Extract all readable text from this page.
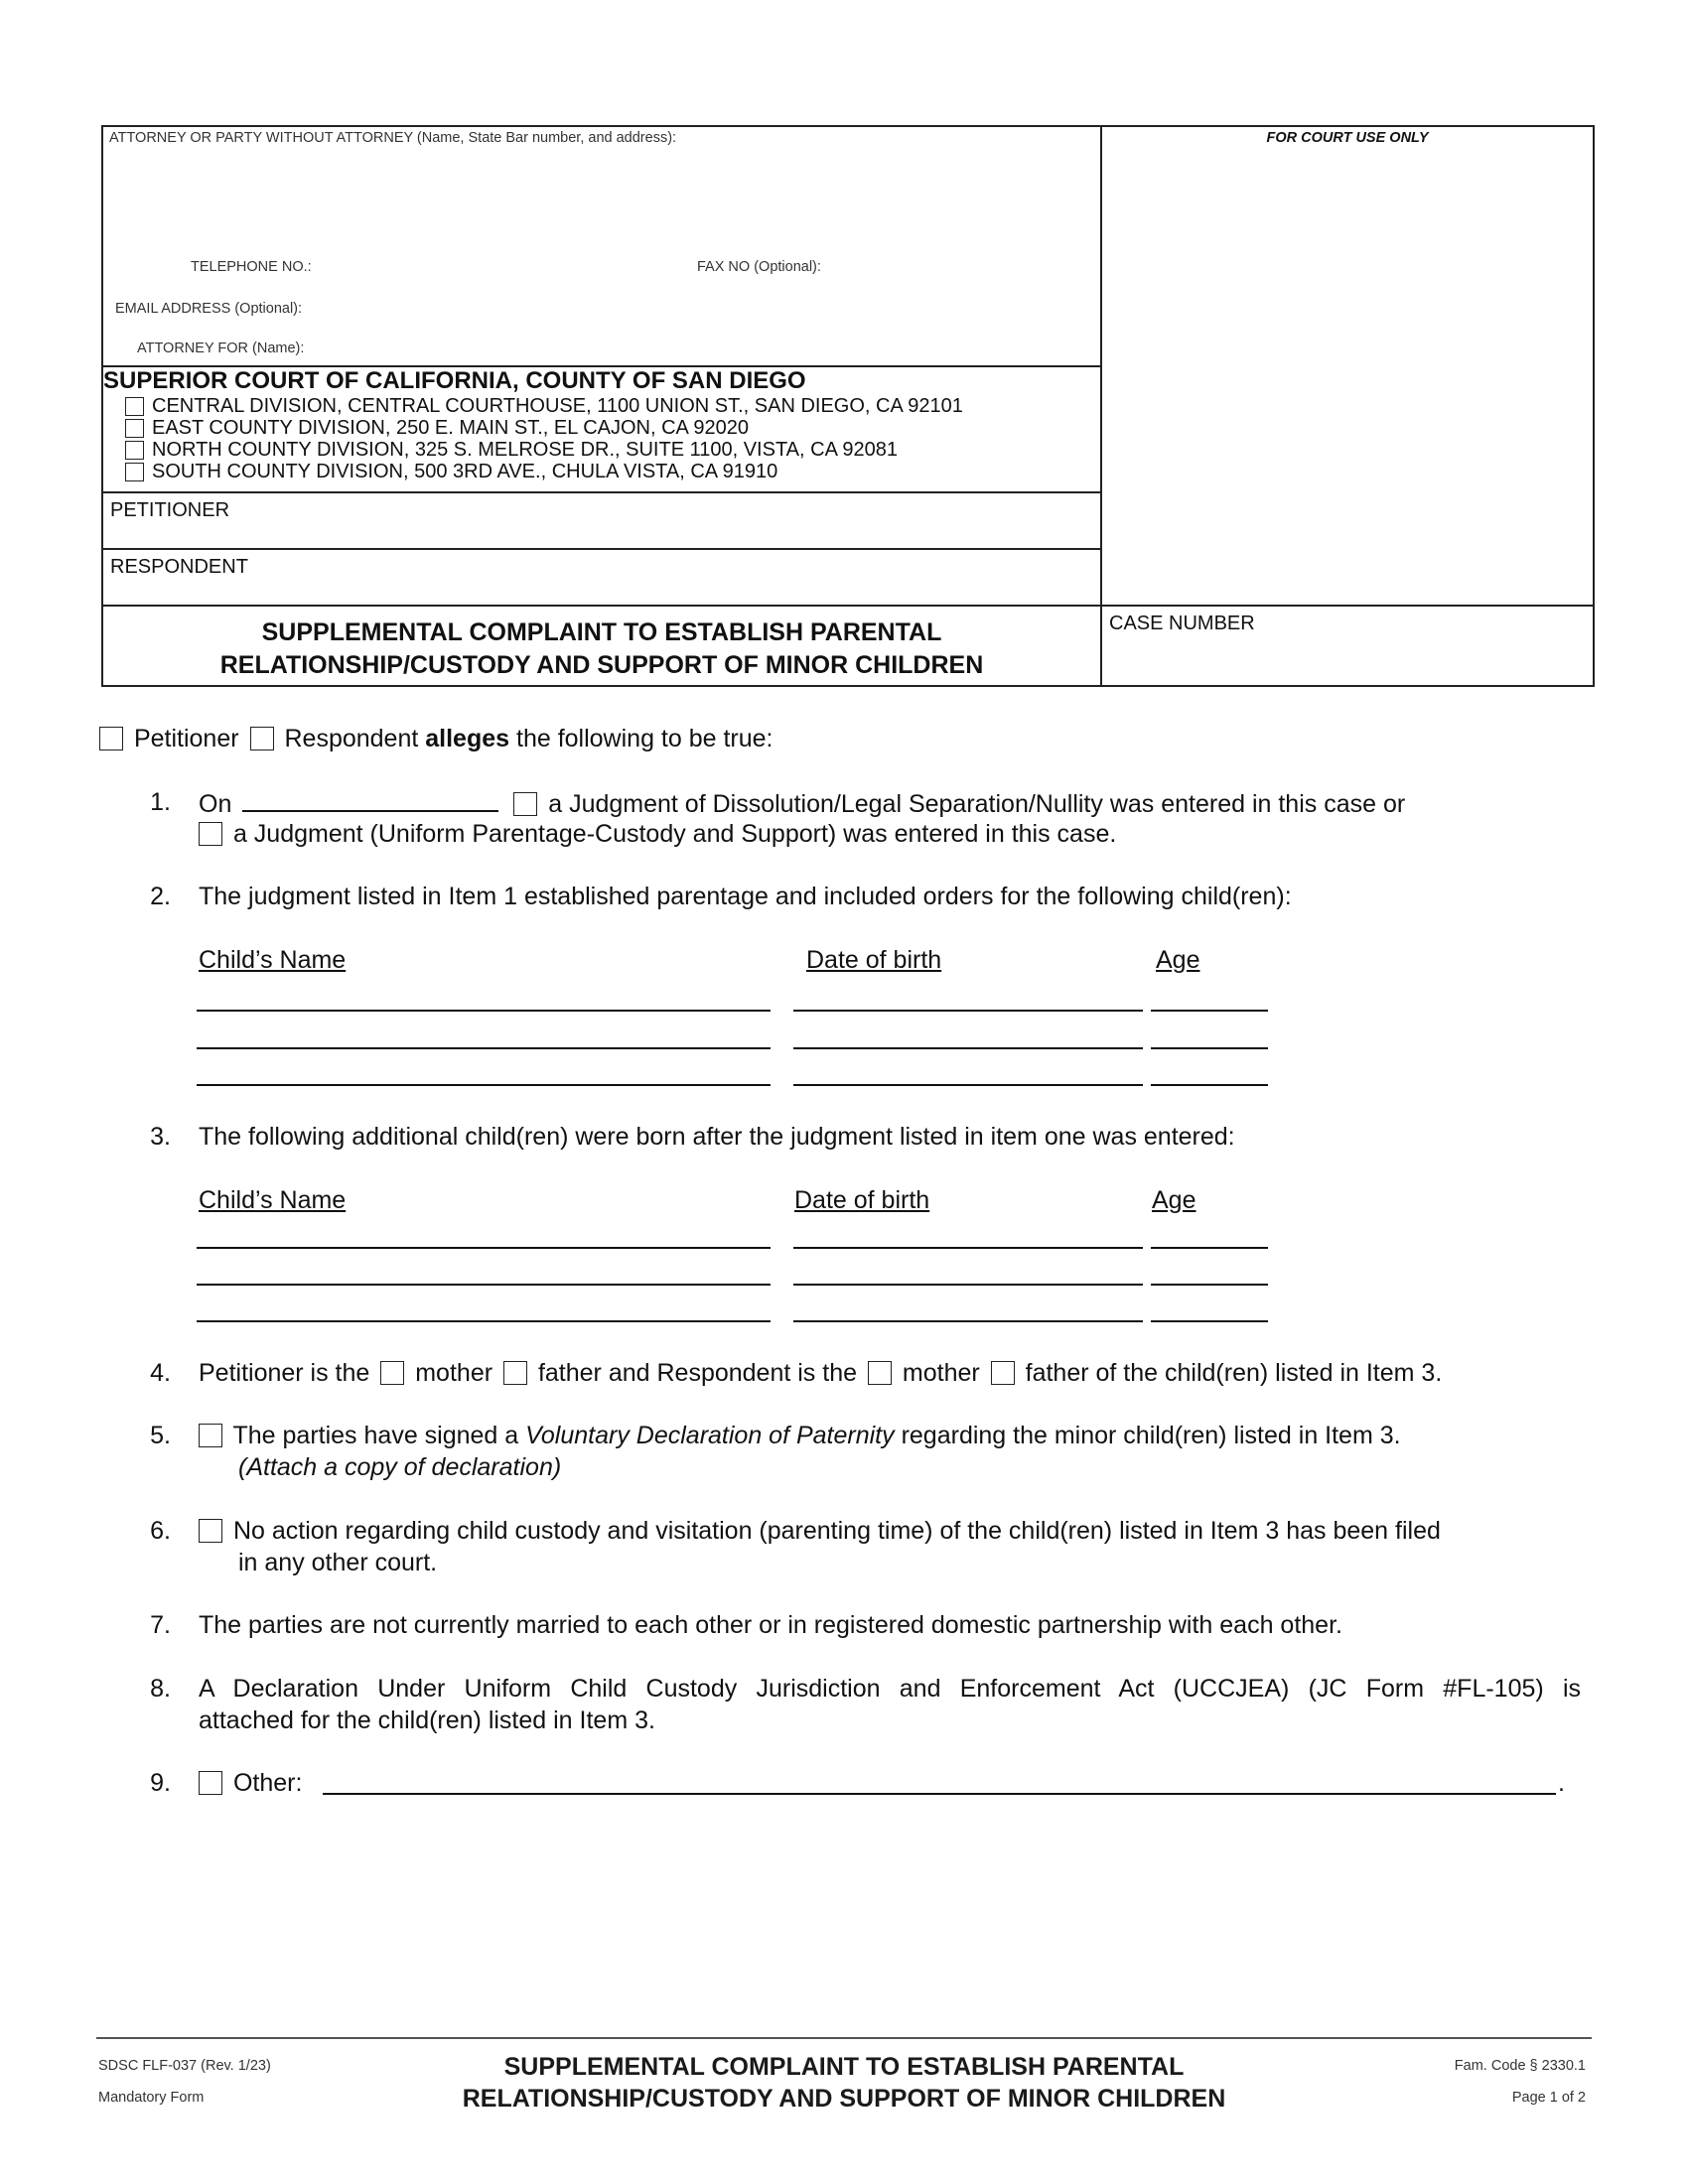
ATTORNEY OR PARTY WITHOUT ATTORNEY (Name, State Bar number, and address):
TELEPHONE NO.:	FAX NO (Optional):
EMAIL ADDRESS (Optional):
ATTORNEY FOR (Name):
FOR COURT USE ONLY
SUPERIOR COURT OF CALIFORNIA, COUNTY OF SAN DIEGO
CENTRAL DIVISION, CENTRAL COURTHOUSE, 1100 UNION ST., SAN DIEGO, CA 92101
EAST COUNTY DIVISION, 250 E. MAIN ST., EL CAJON, CA 92020
NORTH COUNTY DIVISION, 325 S. MELROSE DR., SUITE 1100, VISTA, CA 92081
SOUTH COUNTY DIVISION, 500 3RD AVE., CHULA VISTA, CA 91910
PETITIONER
RESPONDENT
SUPPLEMENTAL COMPLAINT TO ESTABLISH PARENTAL
RELATIONSHIP/CUSTODY AND SUPPORT OF MINOR CHILDREN
CASE NUMBER
Petitioner Respondent alleges the following to be true:
1. On	a Judgment of Dissolution/Legal Separation/Nullity was entered in this case or
a Judgment (Uniform Parentage-Custody and Support) was entered in this case.
2. The judgment listed in Item 1 established parentage and included orders for the following child(ren):
Child’s Name	Date of birth	Age
3. The following additional child(ren) were born after the judgment listed in item one was entered:
Child’s Name	Date of birth	Age
4. Petitioner is the mother father and Respondent is the mother father of the child(ren) listed in Item 3.
5.	The parties have signed a Voluntary Declaration of Paternity regarding the minor child(ren) listed in Item 3.
(Attach a copy of declaration)
6.	No action regarding child custody and visitation (parenting time) of the child(ren) listed in Item 3 has been filed
in any other court.
7. The parties are not currently married to each other or in registered domestic partnership with each other.
8. A Declaration Under Uniform Child Custody Jurisdiction and Enforcement Act (UCCJEA) (JC Form #FL-105) is
attached for the child(ren) listed in Item 3.
9.	Other:	.
SDSC FLF-037 (Rev. 1/23)
Mandatory Form
SUPPLEMENTAL COMPLAINT TO ESTABLISH PARENTAL
RELATIONSHIP/CUSTODY AND SUPPORT OF MINOR CHILDREN
Fam. Code § 2330.1
Page 1 of 2
